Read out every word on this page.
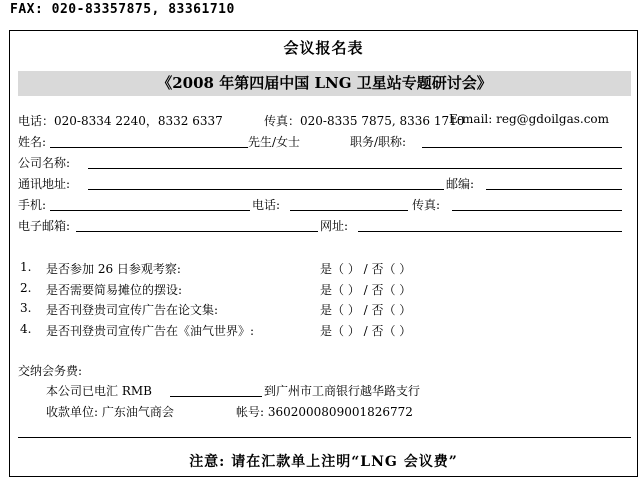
FAX: 020-83357875, 83361710
会议报名表
《2008 年第四届中国 LNG 卫星站专题研讨会》
电话：020-8334 2240，8332 6337	传真：020-8335 7875, 8336 1710
E-mail: reg@gdoilgas.com
姓名:	先生/女士	职务/职称:
公司名称:
通讯地址:	邮编:
手机:	电话:	传真:
电子邮箱:	网址:
1. 是否参加 26 日参观考察:	是（ ） / 否（ ）
2. 是否需要简易摊位的摆设:	是（ ） / 否（ ）
3. 是否刊登贵司宣传广告在论文集:	是（ ） / 否（ ）
4. 是否刊登贵司宣传广告在《油气世界》:	是（ ） / 否（ ）
交纳会务费:
本公司已电汇 RMB	到广州市工商银行越华路支行
收款单位: 广东油气商会	帐号: 3602000809001826772
注意: 请在汇款单上注明“LNG 会议费”
